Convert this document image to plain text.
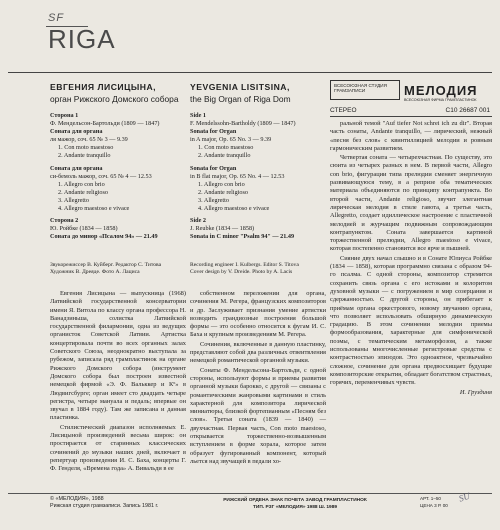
SF
RIGA
ЕВГЕНИЯ ЛИСИЦЫНА,
орган Рижского Домского собора
YEVGENIA LISITSINA,
the Big Organ of Riga Dom
ВСЕСОЮЗНАЯ СТУДИЯ ГРАМЗАПИСИ	МЕЛОДИЯ
ВСЕСОЮЗНАЯ ФИРМА ГРАМПЛАСТИНОК
СТЕРЕО	С10 26687 001
Сторона 1
Ф. Мендельсон-Бартольди (1809 — 1847)
Соната для органа
ля мажор, соч. 65 № 3 — 9.39
1. Con moto maestoso
2. Andante tranquillo
Соната для органа
си-бемоль мажор, соч. 65 № 4 — 12.53
1. Allegro con brio
2. Andante religioso
3. Allegretto
4. Allegro maestoso e vivace
Сторона 2
Ю. Ройбке (1834 — 1858)
Соната до минор «Псалом 94» — 21.49
Звукорежиссер В. Куйберг. Редактор С. Титова
Художник В. Дреяде. Фото А. Лациса
Side 1
F. Mendelssohn-Bartholdy (1809 — 1847)
Sonata for Organ
in A major, Op. 65 No. 3 — 9.39
1. Con moto maestoso
2. Andante tranquillo
Sonata for Organ
in B flat major, Op. 65 No. 4 — 12.53
1. Allegro con brio
2. Andante religioso
3. Allegretto
4. Allegro maestoso e vivace
Side 2
J. Reubke (1834 — 1858)
Sonata in C minor "Psalm 94" — 21.49
Recording engineer I. Kulbergs. Editor S. Titova
Cover design by V. Dreide. Photo by A. Lacis

Евгения Лисицына — выпускница (1968) Латвийской государственной консерватории имени Я. Витола по классу органа профессора Н. Ванадзиньша, солистка Латвийской государственной филармонии, одна из ведущих органисток Советской Латвии. Артистка концертировала почти во всех органных залах Советского Союза, неоднократно выступала за рубежом, записала ряд грампластинок на органе Рижского Домского собора (инструмент Домского собора был построен известной немецкой фирмой «Э. Ф. Вальккер и Кº» в Людвигсбурге; орган имеет сто двадцать четыре регистра, четыре мануала и педаль; впервые он звучал в 1884 году). Там же записана и данная пластинка.

Стилистический диапазон исполняемых Е. Лисицыной произведений весьма широк: он простирается от старинных классических сочинений до музыки наших дней, включает в репертуар произведения И. С. Баха, концерты Г. Ф. Генделя, «Времена года» А. Вивальди в ее

собственном переложении для органа, сочинения М. Регера, французских композиторов и др. Заслуживает признания умение артистки возводить грандиозные построения большой формы — это особенно относится к фугам И. С. Баха и крупным произведениям М. Регера.

Сочинения, включенные в данную пластинку, представляют собой два различных отвеитвления немецкой романтической органной музыки.

Сонаты Ф. Мендельсона-Бартольди, с одной стороны, используют формы и приемы развития органной музыки барокко, с другой — связаны с романтическими жанровыми картинами в стиль характерной для композитора лирической миниатюры, близкой фортепианным «Песням без слов». Третья соната (1839 — 1840) — двухчастная. Первая часть, Con moto maestoso, открывается торжественно-возвышенным вступлением в форме хорала, которое затем образует фугированный компонент, который льется над звучащей в педали хо-

ральной темой "Auf tiefer Not schrei ich zu dir". Вторая часть сонаты, Andante tranquillo, — лирический, нежный «песня без слов» с квинтилляцией мелодии и ровным гармоническим развитием.

Четвертая соната — четырехчастная. По существу, это сюита из четырех разных в нем. В первой части, Allegro con brio, фигурации типа прелюдии сменяет энергичную развивающуюся тему, в а репризе оба тематических материала объединяются по принципу контрапункта. Во второй части, Andante religioso, звучит элегантная лирическая мелодия в стиле гавота, а третья часть, Allegretto, создает идиллическое настроение с пластичной мелодией и журчащим подвижным сопровождающим контрапунктом. Соната завершается картиной торжественной прелюдии, Allegro maestoso e vivace, которая постепенно становится все ярче и пышней.

Сияние двух начал слышно и в Сонате Юлиуса Ройбке (1834 — 1858), которая программно связана с образом 94-го псалма. С одной стороны, композитор стремится сохранить связь органа с его истоками и колоритом духовной музыки — с погружением в мир созерцания и сдержанностью. С другой стороны, он прибегает к приёмам органа оркестрового, новому звучанию органа, что позволяет использовать обширную динамическую градацию. В этом сочинении мелодии приемы формообразования, характерные для симфонической поэмы, с тематическим метаморфозом, а также использованы многочисленные регистровые средства с контрастностью эпизодов. Это одноактное, чрезвычайно сложное, сочинение для органа предвосхищает будущие композиторские открытия, обладает богатством страстных, горячих, переменчивых чувств.

И. Груздиня
© «МЕЛОДИЯ», 1988
Рижская студия грамзаписи. Запись 1981 г.
РИЖСКИЙ ОРДЕНА ЗНАК ПОЧЕТА ЗАВОД ГРАМПЛАСТИНОК
ТИП. РЗГ «МЕЛОДИЯ» 1988 Ш. 1989
АРТ. 1–50
ЦЕНА 3 Р. 00
SU
